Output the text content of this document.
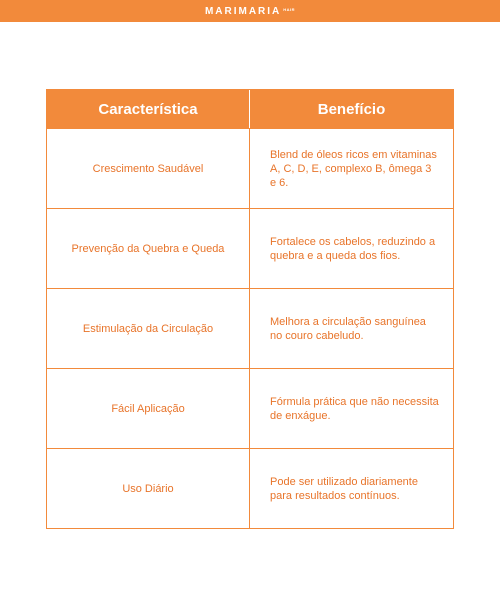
MARIMARIA HAIR
Característica	Benefício
Crescimento Saudável
Blend de óleos ricos em vitaminas A, C, D, E, complexo B, ômega 3 e 6.
Prevenção da Quebra e Queda
Fortalece os cabelos, reduzindo a quebra e a queda dos fios.
Estimulação da Circulação
Melhora a circulação sanguínea no couro cabeludo.
Fácil Aplicação
Fórmula prática que não necessita de enxágue.
Uso Diário
Pode ser utilizado diariamente para resultados contínuos.
